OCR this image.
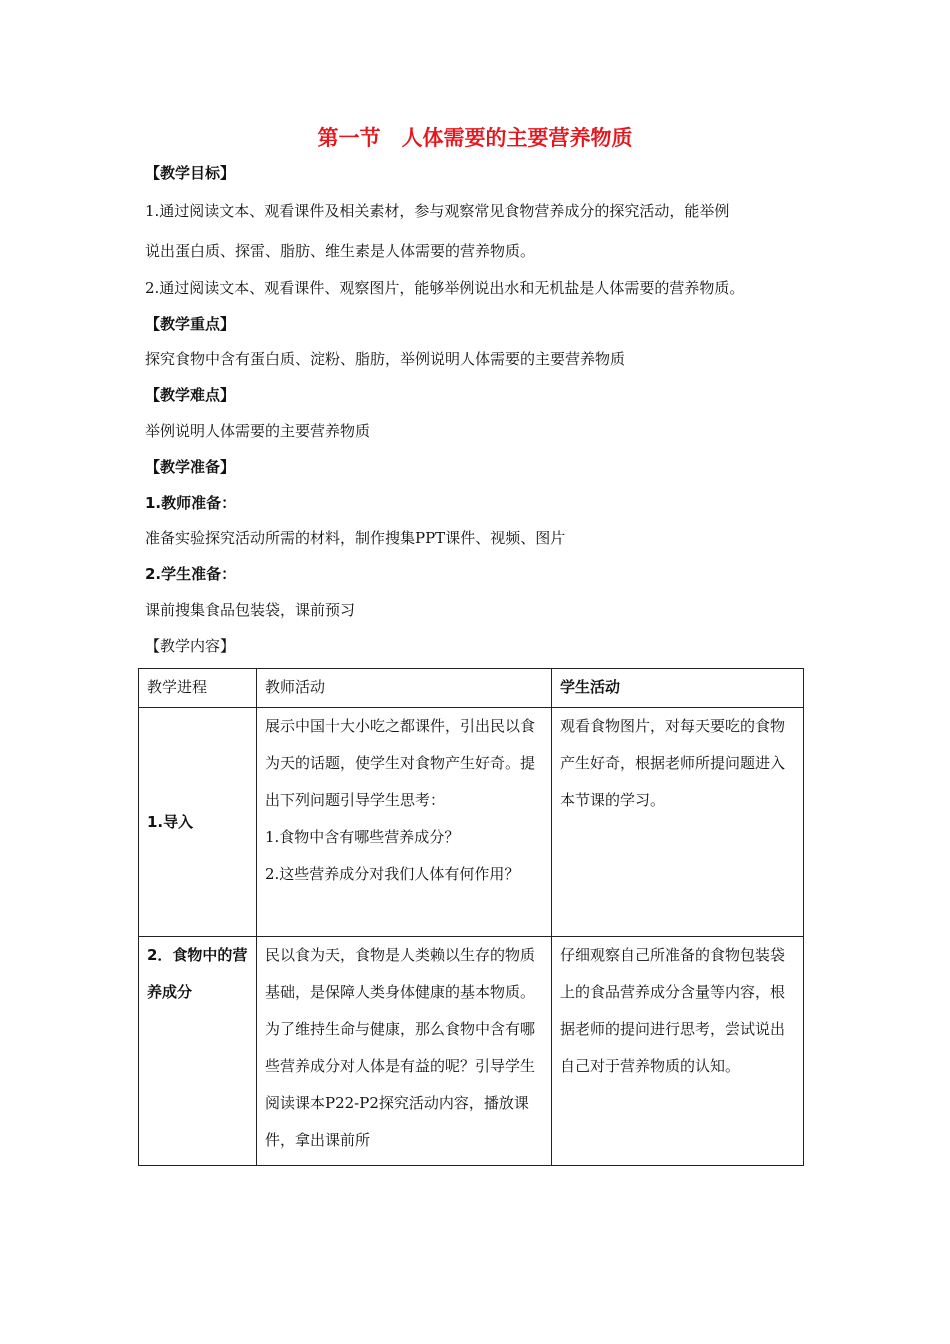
第一节　人体需要的主要营养物质
【教学目标】
1.通过阅读文本、观看课件及相关素材，参与观察常见食物营养成分的探究活动，能举例
说出蛋白质、探雷、脂肪、维生素是人体需要的营养物质。
2.通过阅读文本、观看课件、观察图片，能够举例说出水和无机盐是人体需要的营养物质。
【教学重点】
探究食物中含有蛋白质、淀粉、脂肪，举例说明人体需要的主要营养物质
【教学难点】
举例说明人体需要的主要营养物质
【教学准备】
1.教师准备：
准备实验探究活动所需的材料，制作搜集PPT课件、视频、图片
2.学生准备：
课前搜集食品包装袋，课前预习
【教学内容】
教学进程	教师活动	学生活动
1.导入	展示中国十大小吃之都课件，引出民以食为天的话题，使学生对食物产生好奇。提出下列问题引导学生思考：

1.食物中含有哪些营养成分？

2.这些营养成分对我们人体有何作用？	观看食物图片，对每天要吃的食物产生好奇，根据老师所提问题进入本节课的学习。
2．食物中的营养成分	民以食为天，食物是人类赖以生存的物质基础，是保障人类身体健康的基本物质。为了维持生命与健康，那么食物中含有哪些营养成分对人体是有益的呢？引导学生阅读课本P22-P2探究活动内容，播放课件，拿出课前所	仔细观察自己所准备的食物包装袋上的食品营养成分含量等内容，根据老师的提问进行思考，尝试说出自己对于营养物质的认知。
